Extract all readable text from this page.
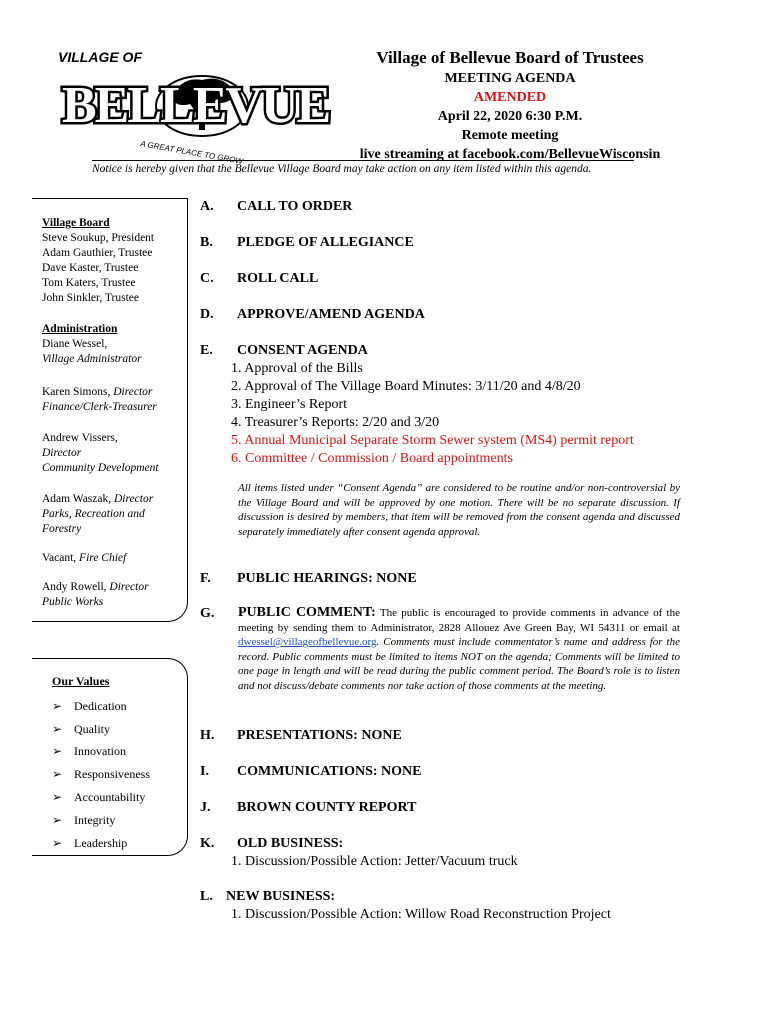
VILLAGE OF
BELLEVUE
A GREAT PLACE TO GROW
Village of Bellevue Board of Trustees
MEETING AGENDA
AMENDED
April 22, 2020 6:30 P.M.
Remote meeting
live streaming at facebook.com/BellevueWisconsin
Notice is hereby given that the Bellevue Village Board may take action on any item listed within this agenda.
Village Board
Steve Soukup, President
Adam Gauthier, Trustee
Dave Kaster, Trustee
Tom Katers, Trustee
John Sinkler, Trustee
Administration
Diane Wessel,
Village Administrator
Karen Simons, Director
Finance/Clerk-Treasurer
Andrew Vissers,
Director
Community Development
Adam Waszak, Director
Parks, Recreation and
Forestry
Vacant, Fire Chief
Andy Rowell, Director
Public Works
Our Values
➢ Dedication
➢ Quality
➢ Innovation
➢ Responsiveness
➢ Accountability
➢ Integrity
➢ Leadership
A. CALL TO ORDER
B. PLEDGE OF ALLEGIANCE
C. ROLL CALL
D. APPROVE/AMEND AGENDA
E. CONSENT AGENDA
1. Approval of the Bills
2. Approval of The Village Board Minutes: 3/11/20 and 4/8/20
3. Engineer’s Report
4. Treasurer’s Reports: 2/20 and 3/20
5. Annual Municipal Separate Storm Sewer system (MS4) permit report
6. Committee / Commission / Board appointments
All items listed under “Consent Agenda” are considered to be routine and/or non-controversial by the Village Board and will be approved by one motion. There will be no separate discussion. If discussion is desired by members, that item will be removed from the consent agenda and discussed separately immediately after consent agenda approval.
F. PUBLIC HEARINGS: NONE
G.	PUBLIC COMMENT: The public is encouraged to provide comments in advance of the meeting by sending them to Administrator, 2828 Allouez Ave Green Bay, WI 54311 or email at dwessel@villageofbellevue.org. Comments must include commentator’s name and address for the record. Public comments must be limited to items NOT on the agenda; Comments will be limited to one page in length and will be read during the public comment period. The Board’s role is to listen and not discuss/debate comments nor take action of those comments at the meeting.
H. PRESENTATIONS: NONE
I. COMMUNICATIONS: NONE
J. BROWN COUNTY REPORT
K. OLD BUSINESS:
1. Discussion/Possible Action: Jetter/Vacuum truck
L. NEW BUSINESS:
1. Discussion/Possible Action: Willow Road Reconstruction Project
